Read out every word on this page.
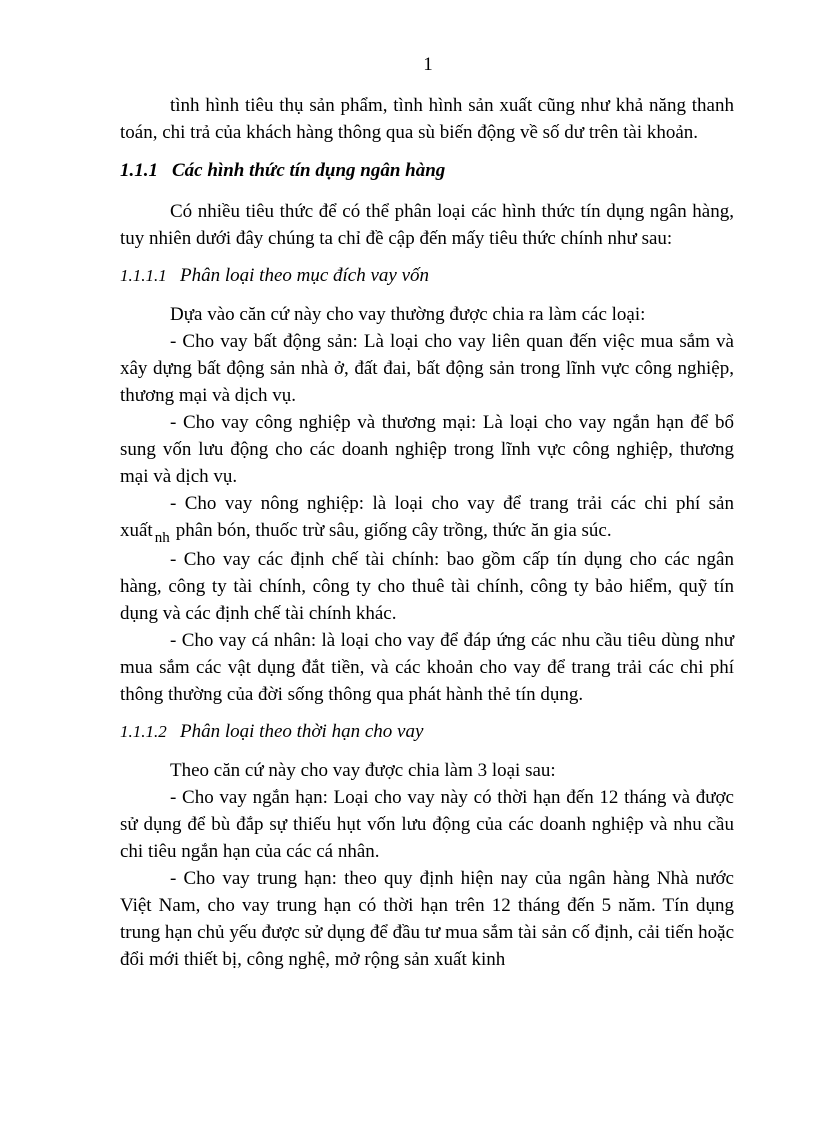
1

tình hình tiêu thụ sản phẩm, tình hình sản xuất cũng như khả năng thanh toán, chi trả của khách hàng thông qua sù biến động về số dư trên tài khoản.

1.1.1 Các hình thức tín dụng ngân hàng

Có nhiều tiêu thức để có thể phân loại các hình thức tín dụng ngân hàng, tuy nhiên dưới đây chúng ta chỉ đề cập đến mấy tiêu thức chính như sau:

1.1.1.1 Phân loại theo mục đích vay vốn

Dựa vào căn cứ này cho vay thường được chia ra làm các loại:

- Cho vay bất động sản: Là loại cho vay liên quan đến việc mua sắm và xây dựng bất động sản nhà ở, đất đai, bất động sản trong lĩnh vực công nghiệp, thương mại và dịch vụ.

- Cho vay công nghiệp và thương mại: Là loại cho vay ngắn hạn để bổ sung vốn lưu động cho các doanh nghiệp trong lĩnh vực công nghiệp, thương mại và dịch vụ.

- Cho vay nông nghiệp: là loại cho vay để trang trải các chi phí sản xuất $_{nh}$ phân bón, thuốc trừ sâu, giống cây trồng, thức ăn gia súc.

- Cho vay các định chế tài chính: bao gồm cấp tín dụng cho các ngân hàng, công ty tài chính, công ty cho thuê tài chính, công ty bảo hiểm, quỹ tín dụng và các định chế tài chính khác.

- Cho vay cá nhân: là loại cho vay để đáp ứng các nhu cầu tiêu dùng như mua sắm các vật dụng đắt tiền, và các khoản cho vay để trang trải các chi phí thông thường của đời sống thông qua phát hành thẻ tín dụng.

1.1.1.2 Phân loại theo thời hạn cho vay

Theo căn cứ này cho vay được chia làm 3 loại sau:

- Cho vay ngắn hạn: Loại cho vay này có thời hạn đến 12 tháng và được sử dụng để bù đắp sự thiếu hụt vốn lưu động của các doanh nghiệp và nhu cầu chi tiêu ngắn hạn của các cá nhân.

- Cho vay trung hạn: theo quy định hiện nay của ngân hàng Nhà nước Việt Nam, cho vay trung hạn có thời hạn trên 12 tháng đến 5 năm. Tín dụng trung hạn chủ yếu được sử dụng để đầu tư mua sắm tài sản cố định, cải tiến hoặc đổi mới thiết bị, công nghệ, mở rộng sản xuất kinh
